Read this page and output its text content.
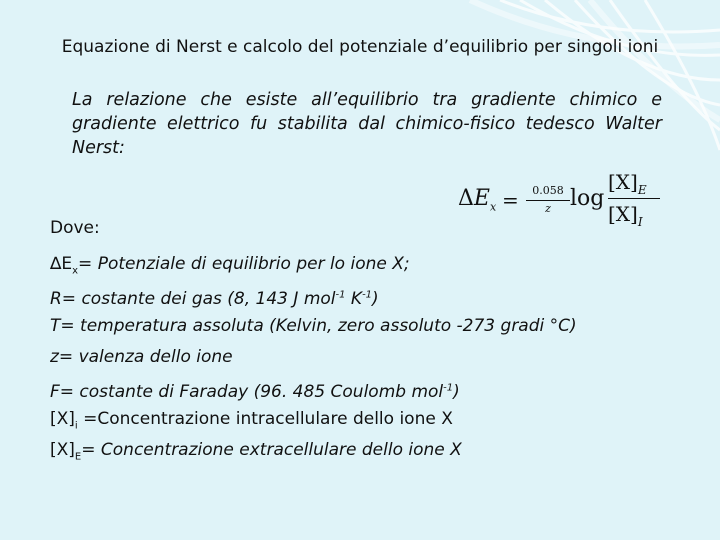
Equazione di Nerst e calcolo del potenziale d’equilibrio per singoli ioni
La relazione che esiste all’equilibrio tra gradiente chimico e gradiente elettrico fu stabilita dal chimico-fisico tedesco Walter Nerst:
$\Delta E_x$ =	0.058
z log
$[X]_E$
$[X]_I$
Dove:
$\Delta E_x=$ Potenziale di equilibrio per lo ione X;
R= costante dei gas (8, 143 J mol$^{-1}$ $K^{-1}$)
T= temperatura assoluta (Kelvin, zero assoluto -273 gradi °C)
z= valenza dello ione
F= costante di Faraday (96. 485 Coulomb mol$^{-1}$)
$[X]_i$ =Concentrazione intracellulare dello ione X
$[X]_E=$ Concentrazione extracellulare dello ione X
